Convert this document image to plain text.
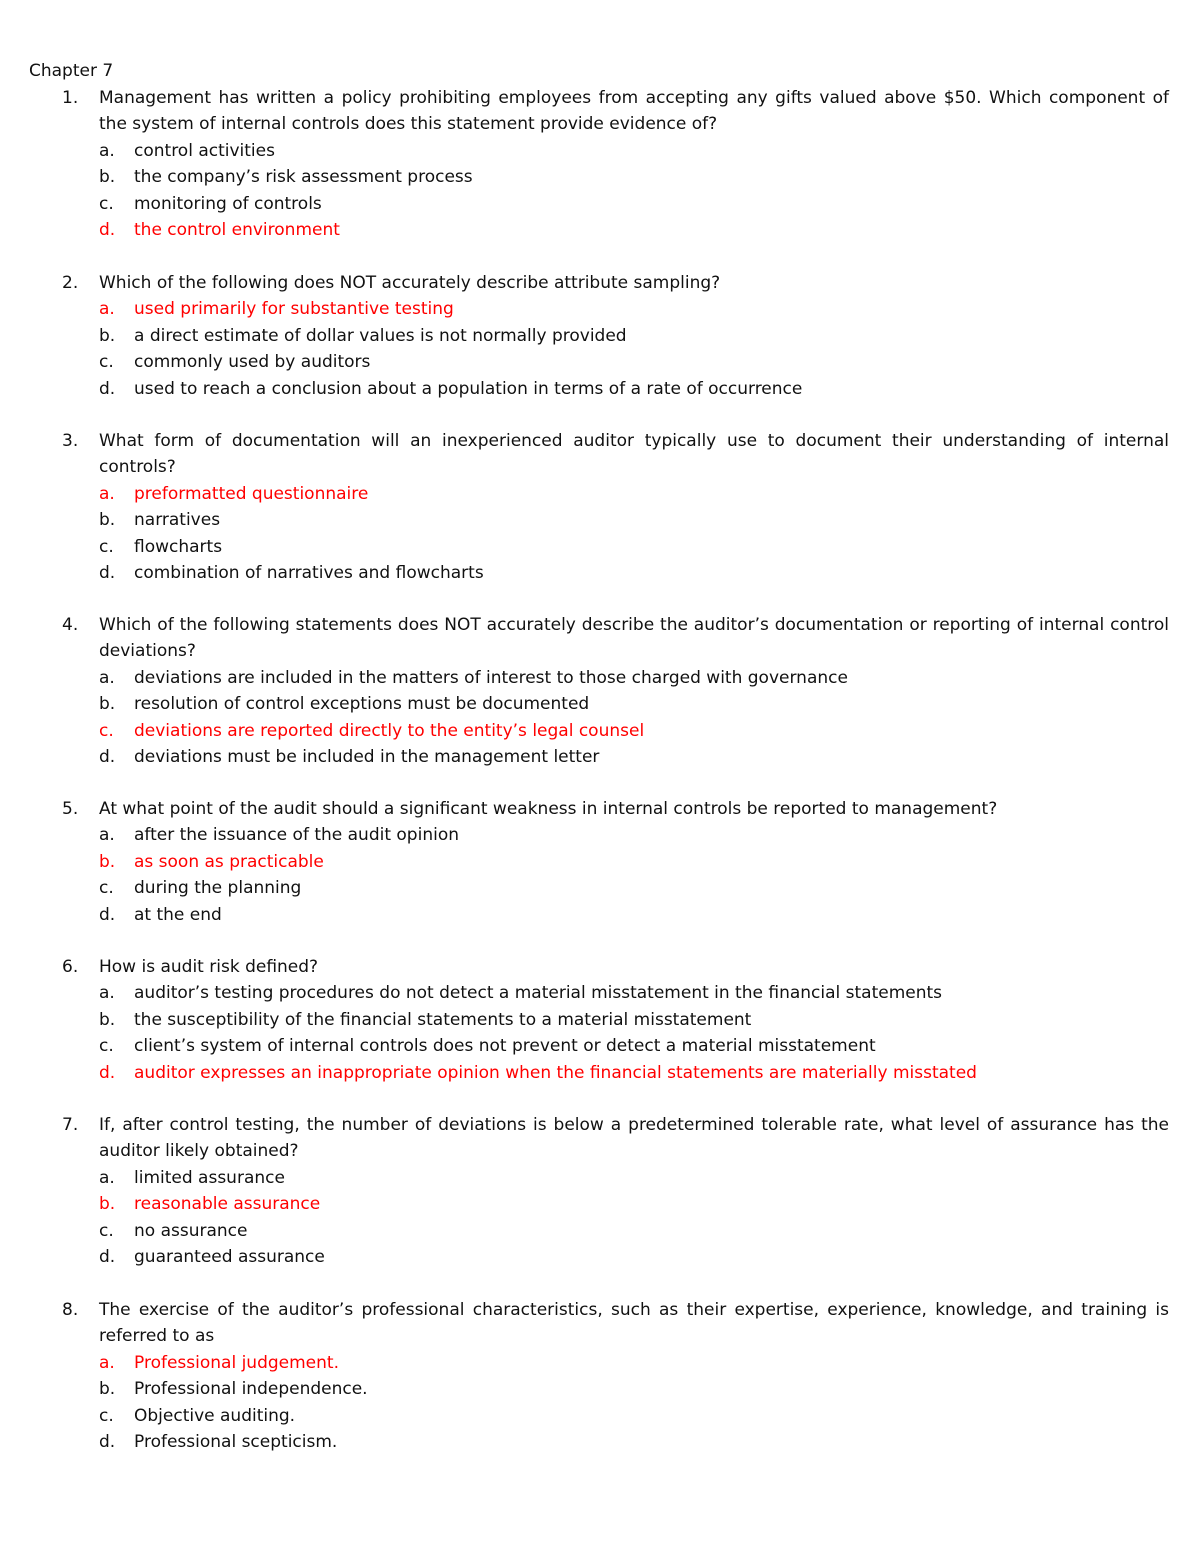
Chapter 7
1.	Management has written a policy prohibiting employees from accepting any gifts valued above $50. Which component of the system of internal controls does this statement provide evidence of?
a. control activities
b. the company’s risk assessment process
c. monitoring of controls
d. the control environment
2.	Which of the following does NOT accurately describe attribute sampling?
a. used primarily for substantive testing
b. a direct estimate of dollar values is not normally provided
c. commonly used by auditors
d. used to reach a conclusion about a population in terms of a rate of occurrence
3.	What form of documentation will an inexperienced auditor typically use to document their understanding of internal controls?
a. preformatted questionnaire
b. narratives
c. flowcharts
d. combination of narratives and flowcharts
4.	Which of the following statements does NOT accurately describe the auditor’s documentation or reporting of internal control deviations?
a. deviations are included in the matters of interest to those charged with governance
b. resolution of control exceptions must be documented
c. deviations are reported directly to the entity’s legal counsel
d. deviations must be included in the management letter
5.	At what point of the audit should a significant weakness in internal controls be reported to management?
a. after the issuance of the audit opinion
b. as soon as practicable
c. during the planning
d. at the end
6.	How is audit risk defined?
a. auditor’s testing procedures do not detect a material misstatement in the financial statements
b. the susceptibility of the financial statements to a material misstatement
c. client’s system of internal controls does not prevent or detect a material misstatement
d. auditor expresses an inappropriate opinion when the financial statements are materially misstated
7.	If, after control testing, the number of deviations is below a predetermined tolerable rate, what level of assurance has the auditor likely obtained?
a. limited assurance
b. reasonable assurance
c. no assurance
d. guaranteed assurance
8.	The exercise of the auditor’s professional characteristics, such as their expertise, experience, knowledge, and training is referred to as
a. Professional judgement.
b. Professional independence.
c. Objective auditing.
d. Professional scepticism.
